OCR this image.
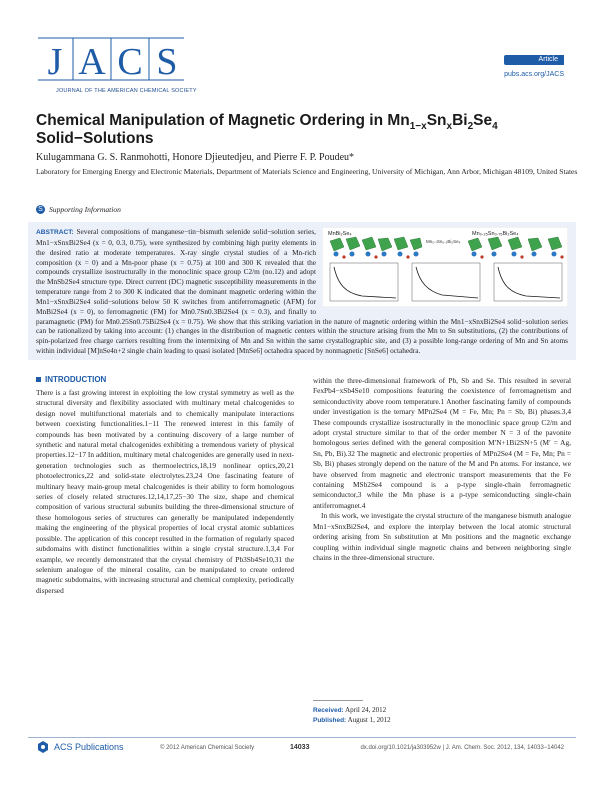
J A C S
JOURNAL OF THE AMERICAN CHEMICAL SOCIETY
Article
pubs.acs.org/JACS
Chemical Manipulation of Magnetic Ordering in $Mn_{1-x}Sn_xBi_2Se_4$
Solid−Solutions
Kulugammana G. S. Ranmohotti, Honore Djieutedjeu, and Pierre F. P. Poudeu*
Laboratory for Emerging Energy and Electronic Materials, Department of Materials Science and Engineering, University of Michigan, Ann Arbor, Michigan 48109, United States
S Supporting Information
MnBi₂Se₄	Mn₀.₂₅Sn₀.₇₅Bi₂Se₄
Mn₀.₇Sn₀.₃Bi₂Se₄
ABSTRACT: Several compositions of manganese−tin−bismuth selenide solid−solution series, Mn1−xSnxBi2Se4 (x = 0, 0.3, 0.75), were synthesized by combining high purity elements in the desired ratio at moderate temperatures. X-ray single crystal studies of a Mn-rich composition (x = 0) and a Mn-poor phase (x = 0.75) at 100 and 300 K revealed that the compounds crystallize isostructurally in the monoclinic space group C2/m (no.12) and adopt the MnSb2Se4 structure type. Direct current (DC) magnetic susceptibility measurements in the temperature range from 2 to 300 K indicated that the dominant magnetic ordering within the Mn1−xSnxBi2Se4 solid−solutions below 50 K switches from antiferromagnetic (AFM) for MnBi2Se4 (x = 0), to ferromagnetic (FM) for Mn0.7Sn0.3Bi2Se4 (x = 0.3), and finally to paramagnetic (PM) for Mn0.25Sn0.75Bi2Se4 (x = 0.75). We show that this striking variation in the nature of magnetic ordering within the Mn1−xSnxBi2Se4 solid−solution series can be rationalized by taking into account: (1) changes in the distribution of magnetic centers within the structure arising from the Mn to Sn substitutions, (2) the contributions of spin-polarized free charge carriers resulting from the intermixing of Mn and Sn within the same crystallographic site, and (3) a possible long-range ordering of Mn and Sn atoms within individual [M]nSe4n+2 single chain leading to quasi isolated [MnSe6] octahedra spaced by nonmagnetic [SnSe6] octahedra.
INTRODUCTION
There is a fast growing interest in exploiting the low crystal symmetry as well as the structural diversity and flexibility associated with multinary metal chalcogenides to design novel multifunctional materials and to chemically manipulate interactions between coexisting functionalities.1−11 The renewed interest in this family of compounds has been motivated by a continuing discovery of a large number of synthetic and natural metal chalcogenides exhibiting a tremendous variety of physical properties.12−17 In addition, multinary metal chalcogenides are generally used in next-generation technologies such as thermoelectrics,18,19 nonlinear optics,20,21 photoelectronics,22 and solid-state electrolytes.23,24 One fascinating feature of multinary heavy main-group metal chalcogenides is their ability to form homologous series of closely related structures.12,14,17,25−30 The size, shape and chemical composition of various structural subunits building the three-dimensional structure of these homologous series of structures can generally be manipulated independently making the engineering of the physical properties of local crystal atomic sublattices possible. The application of this concept resulted in the formation of regularly spaced subdomains with distinct functionalities within a single crystal structure.1,3,4 For example, we recently demonstrated that the crystal chemistry of Pb3Sb4Se10,31 the selenium analogue of the mineral cosalite, can be manipulated to create ordered magnetic subdomains, with increasing structural and chemical complexity, periodically dispersed
within the three-dimensional framework of Pb, Sb and Se. This resulted in several FexPb4−xSb4Se10 compositions featuring the coexistence of ferromagnetism and semiconductivity above room temperature.1 Another fascinating family of compounds under investigation is the ternary MPn2Se4 (M = Fe, Mn; Pn = Sb, Bi) phases.3,4 These compounds crystallize isostructurally in the monoclinic space group C2/m and adopt crystal structure similar to that of the order member N = 3 of the pavonite homologous series defined with the general composition M′N+1Bi2SN+5 (M′ = Ag, Sn, Pb, Bi).32 The magnetic and electronic properties of MPn2Se4 (M = Fe, Mn; Pn = Sb, Bi) phases strongly depend on the nature of the M and Pn atoms. For instance, we have observed from magnetic and electronic transport measurements that the Fe containing MSb2Se4 compound is a p-type single-chain ferromagnetic semiconductor,3 while the Mn phase is a p-type semiconducting single-chain antiferromagnet.4
In this work, we investigate the crystal structure of the manganese bismuth analogue Mn1−xSnxBi2Se4, and explore the interplay between the local atomic structural ordering arising from Sn substitution at Mn positions and the magnetic exchange coupling within individual single magnetic chains and between neighboring single chains in the three-dimensional structure.
Received: April 24, 2012
Published: August 1, 2012
ACS Publications	© 2012 American Chemical Society	14033	dx.doi.org/10.1021/ja303952w | J. Am. Chem. Soc. 2012, 134, 14033−14042
